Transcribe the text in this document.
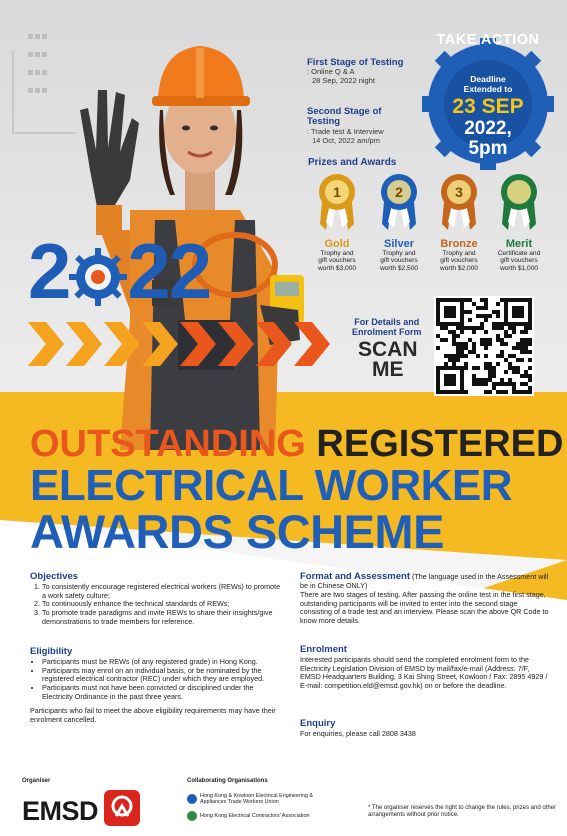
2 22
First Stage of Testing

: Online Q & A

28 Sep, 2022 night

Second Stage of Testing

: Trade test & Interview

14 Oct, 2022 am/pm

TAKE ACTION
Deadline Extended to
23 SEP
2022,
5pm
Prizes and Awards
1
Gold
Trophy and
gift vouchers
worth $3,000
2
Silver
Trophy and
gift vouchers
worth $2,500
3
Bronze
Trophy and
gift vouchers
worth $2,000
Merit
Certificate and
gift vouchers
worth $1,000
For Details and
Enrolment Form
SCAN
ME
OUTSTANDING REGISTERED
ELECTRICAL WORKER
AWARDS SCHEME
Objectives
1. To consistently encourage registered electrical workers (REWs) to promote a work safety culture;
2. To continuously enhance the technical standards of REWs;
3. To promote trade paradigms and invite REWs to share their insights/give demonstrations to trade members for reference.
Eligibility
• Participants must be REWs (of any registered grade) in Hong Kong.
• Participants may enrol on an individual basis, or be nominated by the registered electrical contractor (REC) under which they are employed.
• Participants must not have been convicted or disciplined under the Electricity Ordinance in the past three years.
Participants who fail to meet the above eligibility requirements may have their enrolment cancelled.
Format and Assessment (The language used in the Assessment will be in Chinese ONLY)
There are two stages of testing. After passing the online test in the first stage, outstanding participants will be invited to enter into the second stage consisting of a trade test and an interview. Please scan the above QR Code to know more details.
Enrolment
Interested participants should send the completed enrolment form to the Electricity Legislation Division of EMSD by mail/fax/e-mail (Address: 7/F, EMSD Headquarters Building, 3 Kai Shing Street, Kowloon / Fax: 2895 4929 / E-mail: competition.eld@emsd.gov.hk) on or before the deadline.
Enquiry
For enquiries, please call 2808 3438
Organiser	Collaborating Organisations
* The organiser reserves the right to change the rules, prizes and other arrangements without prior notice.
EMSD	Hong Kong & Kowloon Electrical Engineering &
Appliances Trade Workers Union
Hong Kong Electrical Contractors' Association
